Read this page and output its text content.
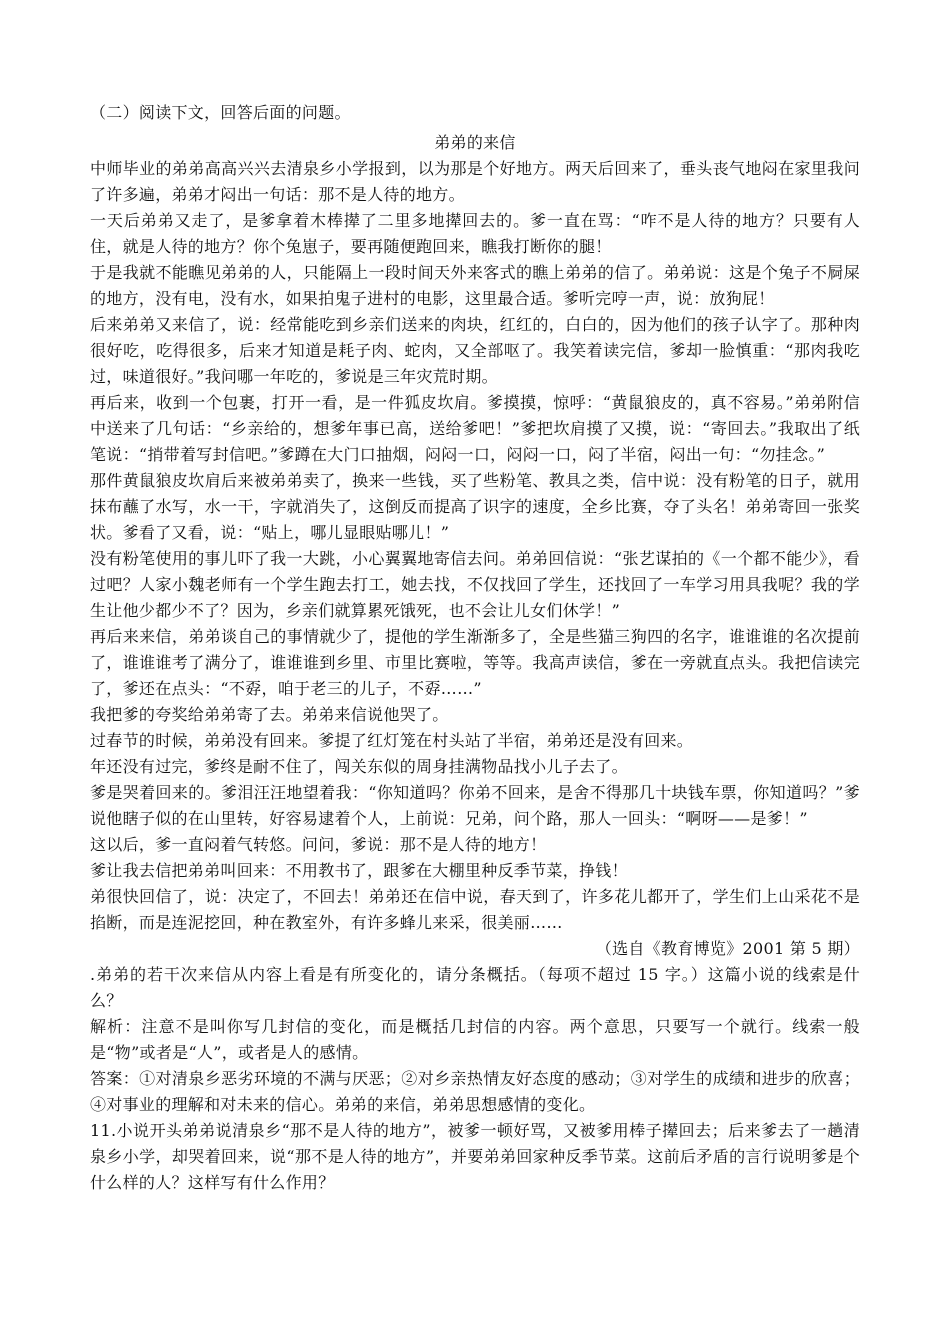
（二）阅读下文，回答后面的问题。

弟弟的来信

中师毕业的弟弟高高兴兴去清泉乡小学报到，以为那是个好地方。两天后回来了，垂头丧气地闷在家里我问了许多遍，弟弟才闷出一句话：那不是人待的地方。

一天后弟弟又走了，是爹拿着木棒撵了二里多地撵回去的。爹一直在骂：“咋不是人待的地方？只要有人住，就是人待的地方？你个兔崽子，要再随便跑回来，瞧我打断你的腿！

于是我就不能瞧见弟弟的人，只能隔上一段时间天外来客式的瞧上弟弟的信了。弟弟说：这是个兔子不屙屎的地方，没有电，没有水，如果拍鬼子进村的电影，这里最合适。爹听完哼一声，说：放狗屁！

后来弟弟又来信了，说：经常能吃到乡亲们送来的肉块，红红的，白白的，因为他们的孩子认字了。那种肉很好吃，吃得很多，后来才知道是耗子肉、蛇肉，又全部呕了。我笑着读完信，爹却一脸慎重：“那肉我吃过，味道很好。”我问哪一年吃的，爹说是三年灾荒时期。

再后来，收到一个包裹，打开一看，是一件狐皮坎肩。爹摸摸，惊呼：“黄鼠狼皮的，真不容易。”弟弟附信中送来了几句话：“乡亲给的，想爹年事已高，送给爹吧！”爹把坎肩摸了又摸，说：“寄回去。”我取出了纸笔说：“捎带着写封信吧。”爹蹲在大门口抽烟，闷闷一口，闷闷一口，闷了半宿，闷出一句：“勿挂念。”

那件黄鼠狼皮坎肩后来被弟弟卖了，换来一些钱，买了些粉笔、教具之类，信中说：没有粉笔的日子，就用抹布蘸了水写，水一干，字就消失了，这倒反而提高了识字的速度，全乡比赛，夺了头名！弟弟寄回一张奖状。爹看了又看，说：“贴上，哪儿显眼贴哪儿！”

没有粉笔使用的事儿吓了我一大跳，小心翼翼地寄信去问。弟弟回信说：“张艺谋拍的《一个都不能少》，看过吧？人家小魏老师有一个学生跑去打工，她去找，不仅找回了学生，还找回了一车学习用具我呢？我的学生让他少都少不了？因为，乡亲们就算累死饿死，也不会让儿女们休学！”

再后来来信，弟弟谈自己的事情就少了，提他的学生渐渐多了，全是些猫三狗四的名字，谁谁谁的名次提前了，谁谁谁考了满分了，谁谁谁到乡里、市里比赛啦，等等。我高声读信，爹在一旁就直点头。我把信读完了，爹还在点头：“不孬，咱于老三的儿子，不孬……”

我把爹的夸奖给弟弟寄了去。弟弟来信说他哭了。

过春节的时候，弟弟没有回来。爹提了红灯笼在村头站了半宿，弟弟还是没有回来。

年还没有过完，爹终是耐不住了，闯关东似的周身挂满物品找小儿子去了。

爹是哭着回来的。爹泪汪汪地望着我：“你知道吗？你弟不回来，是舍不得那几十块钱车票，你知道吗？”爹说他瞎子似的在山里转，好容易逮着个人，上前说：兄弟，问个路，那人一回头：“啊呀——是爹！”

这以后，爹一直闷着气转悠。问问，爹说：那不是人待的地方！

爹让我去信把弟弟叫回来：不用教书了，跟爹在大棚里种反季节菜，挣钱！

弟很快回信了，说：决定了，不回去！弟弟还在信中说，春天到了，许多花儿都开了，学生们上山采花不是掐断，而是连泥挖回，种在教室外，有许多蜂儿来采，很美丽……

（选自《教育博览》2001 第 5 期）

.弟弟的若干次来信从内容上看是有所变化的，请分条概括。（每项不超过 15 字。）这篇小说的线索是什么？

解析：注意不是叫你写几封信的变化，而是概括几封信的内容。两个意思，只要写一个就行。线索一般是“物”或者是“人”，或者是人的感情。

答案：①对清泉乡恶劣环境的不满与厌恶；②对乡亲热情友好态度的感动；③对学生的成绩和进步的欣喜；④对事业的理解和对未来的信心。弟弟的来信，弟弟思想感情的变化。

11.小说开头弟弟说清泉乡“那不是人待的地方”，被爹一顿好骂，又被爹用棒子撵回去；后来爹去了一趟清泉乡小学，却哭着回来，说“那不是人待的地方”，并要弟弟回家种反季节菜。这前后矛盾的言行说明爹是个什么样的人？这样写有什么作用？
